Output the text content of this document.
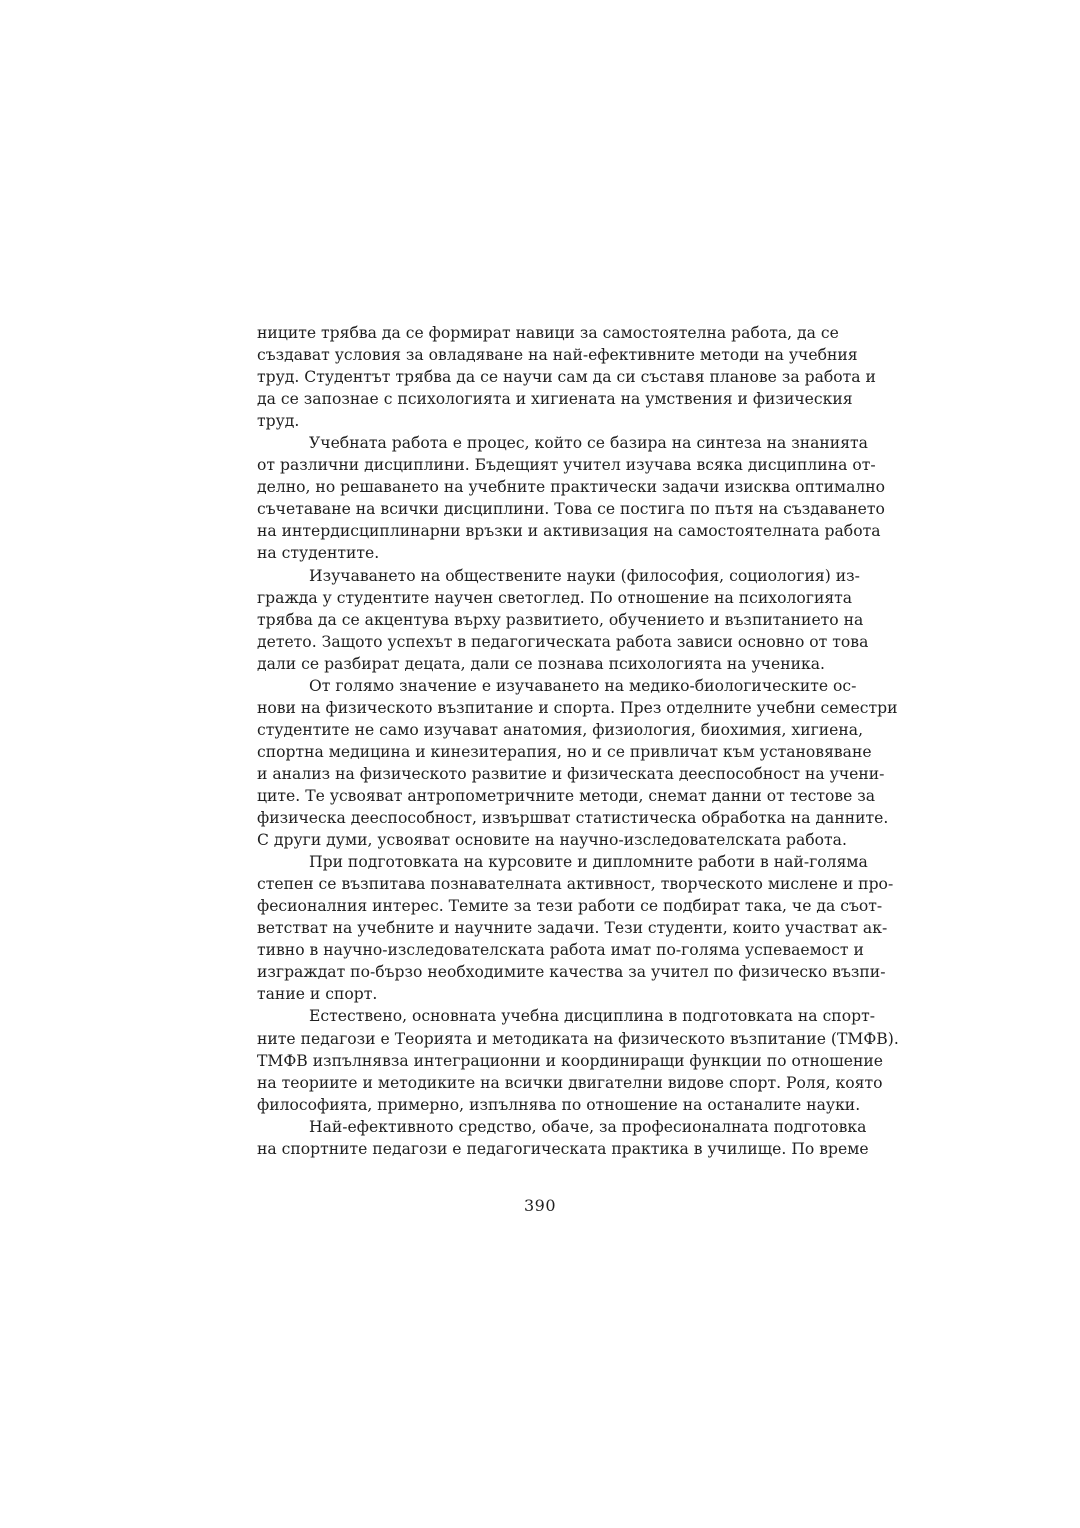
ниците трябва да се формират навици за самостоятелна работа, да се
създават условия за овладяване на най-ефективните методи на учебния
труд. Студентът трябва да се научи сам да си съставя планове за работа и
да се запознае с психологията и хигиената на умствения и физическия
труд.
Учебната работа е процес, който се базира на синтеза на знанията
от различни дисциплини. Бъдещият учител изучава всяка дисциплина от-
делно, но решаването на учебните практически задачи изисква оптимално
съчетаване на всички дисциплини. Това се постига по пътя на създаването
на интердисциплинарни връзки и активизация на самостоятелната работа
на студентите.
Изучаването на обществените науки (философия, социология) из-
гражда у студентите научен светоглед. По отношение на психологията
трябва да се акцентува върху развитието, обучението и възпитанието на
детето. Защото успехът в педагогическата работа зависи основно от това
дали се разбират децата, дали се познава психологията на ученика.
От голямо значение е изучаването на медико-биологическите ос-
нови на физическото възпитание и спорта. През отделните учебни семестри
студентите не само изучават анатомия, физиология, биохимия, хигиена,
спортна медицина и кинезитерапия, но и се привличат към установяване
и анализ на физическото развитие и физическата дееспособност на учени-
ците. Те усвояват антропометричните методи, снемат данни от тестове за
физическа дееспособност, извършват статистическа обработка на данните.
С други думи, усвояват основите на научно-изследователската работа.
При подготовката на курсовите и дипломните работи в най-голяма
степен се възпитава познавателната активност, творческото мислене и про-
фесионалния интерес. Темите за тези работи се подбират така, че да съот-
ветстват на учебните и научните задачи. Тези студенти, които участват ак-
тивно в научно-изследователската работа имат по-голяма успеваемост и
изграждат по-бързо необходимите качества за учител по физическо възпи-
тание и спорт.
Естествено, основната учебна дисциплина в подготовката на спорт-
ните педагози е Теорията и методиката на физическото възпитание (ТМФВ).
ТМФВ изпълнявза интеграционни и координиращи функции по отношение
на теориите и методиките на всички двигателни видове спорт. Роля, която
философията, примерно, изпълнява по отношение на останалите науки.
Най-ефективното средство, обаче, за професионалната подготовка
на спортните педагози е педагогическата практика в училище. По време
390
